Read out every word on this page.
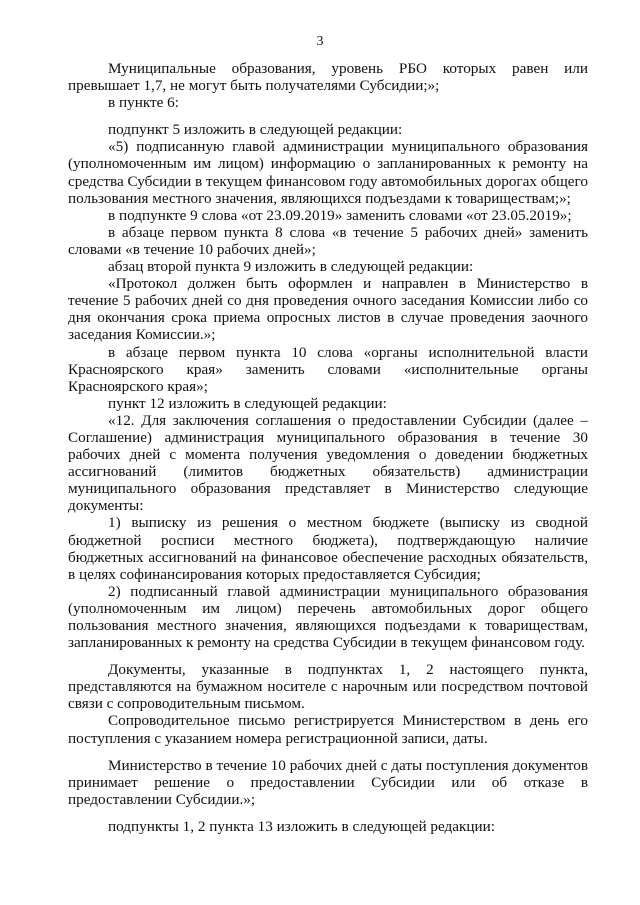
3

Муниципальные образования, уровень РБО которых равен или превышает 1,7, не могут быть получателями Субсидии;»;

в пункте 6:

подпункт 5 изложить в следующей редакции:

«5) подписанную главой администрации муниципального образования (уполномоченным им лицом) информацию о запланированных к ремонту на средства Субсидии в текущем финансовом году автомобильных дорогах общего пользования местного значения, являющихся подъездами к товариществам;»;

в подпункте 9 слова «от 23.09.2019» заменить словами «от 23.05.2019»;

в абзаце первом пункта 8 слова «в течение 5 рабочих дней» заменить словами «в течение 10 рабочих дней»;

абзац второй пункта 9 изложить в следующей редакции:

«Протокол должен быть оформлен и направлен в Министерство в течение 5 рабочих дней со дня проведения очного заседания Комиссии либо со дня окончания срока приема опросных листов в случае проведения заочного заседания Комиссии.»;

в абзаце первом пункта 10 слова «органы исполнительной власти Красноярского края» заменить словами «исполнительные органы Красноярского края»;

пункт 12 изложить в следующей редакции:

«12. Для заключения соглашения о предоставлении Субсидии (далее – Соглашение) администрация муниципального образования в течение 30 рабочих дней с момента получения уведомления о доведении бюджетных ассигнований (лимитов бюджетных обязательств) администрации муниципального образования представляет в Министерство следующие документы:

1) выписку из решения о местном бюджете (выписку из сводной бюджетной росписи местного бюджета), подтверждающую наличие бюджетных ассигнований на финансовое обеспечение расходных обязательств, в целях софинансирования которых предоставляется Субсидия;

2) подписанный главой администрации муниципального образования (уполномоченным им лицом) перечень автомобильных дорог общего пользования местного значения, являющихся подъездами к товариществам, запланированных к ремонту на средства Субсидии в текущем финансовом году.

Документы, указанные в подпунктах 1, 2 настоящего пункта, представляются на бумажном носителе с нарочным или посредством почтовой связи с сопроводительным письмом.

Сопроводительное письмо регистрируется Министерством в день его поступления с указанием номера регистрационной записи, даты.

Министерство в течение 10 рабочих дней с даты поступления документов принимает решение о предоставлении Субсидии или об отказе в предоставлении Субсидии.»;

подпункты 1, 2 пункта 13 изложить в следующей редакции:
